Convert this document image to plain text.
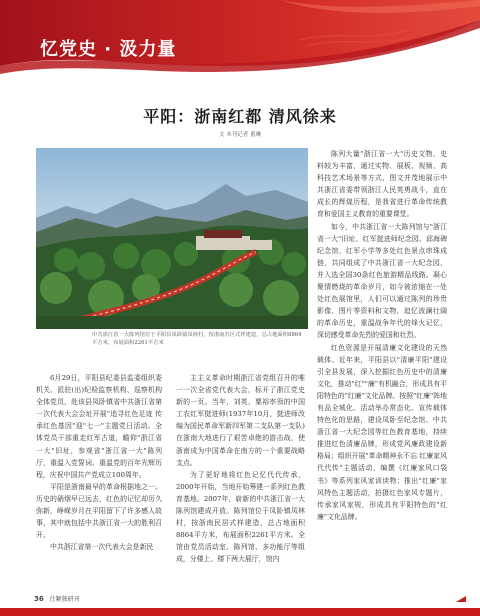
忆党史 · 汲力量
平阳：浙南红都 清风徐来
文 本刊记者 董琳
中共浙江省一大陈列馆位于平阳县凤卧镇凤林村，按浙南苏区式样建造，总占地面积8864平方米，布展面积2261平方米

6月29日，平阳县纪委县监委组织委机关、派驻(出)纪检监察机构、巡察机构全体党员，赴该县凤卧镇省中共浙江省第一次代表大会会址开展"追寻红色足迹 传承红色基因"迎"七一"主题党日活动。全体党员干部重走红军古道，瞻仰"浙江省一大"旧址，参观省"浙江省一大"陈列厅，重温入党誓词、重温党的百年光辉历程，庆祝中国共产党成立100周年。

平阳是浙南最早的革命根据地之一。历史的硝烟早已远去，红色的记忆却历久弥新，峥嵘岁月在平阳留下了许多感人故事，其中就包括中共浙江省一大的胜利召开。

中共浙江省第一次代表大会是新民

主主义革命时期浙江省党组召开的唯一一次全省党代表大会，标开了浙江党史新的一页。当年，刘英、粟裕率领的中国工农红军挺进师(1937年10月，挺进师改编为国民革命军新四军第二支队第一支队)在浙南大地进行了艰苦卓绝的游击战，使浙南成为中国革命在南方的一个重要战略支点。

为了更好地将红色记忆代代传承，2000年开始，当地开始筹建一系列红色教育基地。2007年，崭新的中共浙江省一大陈列馆建成开放。陈列馆位于凤卧镇凤林村，按浙南民居式样建造，总占地面积8864平方米，布展面积2261平方米。全馆由党员活动室、陈列馆、多功能厅等组成，分楼上、楼下两大展厅，馆内

陈列大量"浙江省一大"历史文物，史料较为丰富，通过实物、展板、视频、高科技艺术场景等方式，图文并茂地展示中共浙江省委带领浙江人民英勇战斗，直在成长的辉煌历程，是我省进行革命传统教育和爱国主义教育的重要课堂。

如今，中共浙江省一大陈列馆与"浙江省一大"旧址、红军挺进师纪念园、邱海碑纪念馆、红军小学等多处红色景点串珠成链，共同组成了中共浙江省一大纪念园，并入选全国30条红色旅游精品线路。凝心聚情燃烧的革命岁月，如今被浓缩在一处处红色展馆里，人们可以通过陈列的珍贵影像、图片等资料和文物，追忆波澜壮阔的革命历史，重温战争年代的烽火记忆，深切感受革命先烈的爱国和壮烈。

红色资源是开展清廉文化建设的天然载体。近年来，平阳县以"清廉平阳"建设引全县发展，深入挖掘红色历史中的清廉文化，推动"红""廉"有机融合，形成具有平阳特色的"红廉"文化品牌。按照"红廉"阵地有品全城化、活动举办常态化、宣传载体特色化的思路，建设凤卧至纪念馆、中共浙江省一大纪念园等红色教育基地，持续推进红色清廉品牌，形成党风廉政建设新格局；组织开展"革命精神永不忘 红廉家风代代传"主题活动，编撰《红廉家风口袋书》等系列家风家训读物；推出"红廉"家风特色主题活动，拍摄红色家风专题片，传承家风家规，形成具有平阳特色的"红廉"文化品牌。

36 仕颖独研刊
